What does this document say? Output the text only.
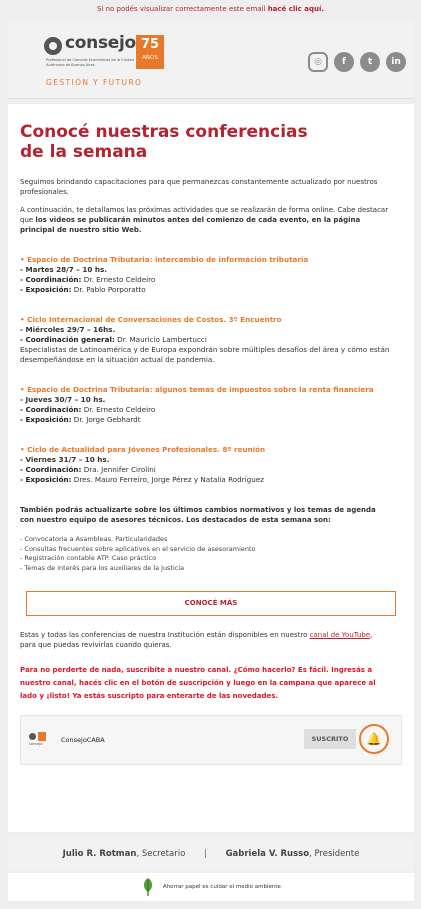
Si no podés visualizar correctamente este email hacé clic aquí.
consejo
Profesional de Ciencias Económicas de la Ciudad Autónoma de Buenos Aires
75
AÑOS
GESTIÓN Y FUTURO
◎	f	t	in
Conocé nuestras conferencias de la semana

Seguimos brindando capacitaciones para que permanezcas constantemente actualizado por nuestros profesionales.

A continuación, te detallamos las próximas actividades que se realizarán de forma online. Cabe destacar que los videos se publicarán minutos antes del comienzo de cada evento, en la página principal de nuestro sitio Web.

• Espacio de Doctrina Tributaria: intercambio de información tributaria
- Martes 28/7 – 10 hs.
- Coordinación: Dr. Ernesto Celdeiro
- Exposición: Dr. Pablo Porporatto
• Ciclo Internacional de Conversaciones de Costos. 3º Encuentro
- Miércoles 29/7 – 16hs.
- Coordinación general: Dr. Mauricio Lambertucci
Especialistas de Latinoamérica y de Europa expondrán sobre múltiples desafíos del área y cómo están desempeñándose en la situación actual de pandemia.
• Espacio de Doctrina Tributaria: algunos temas de impuestos sobre la renta financiera
- Jueves 30/7 – 10 hs.
- Coordinación: Dr. Ernesto Celdeiro
- Exposición: Dr. Jorge Gebhardt
• Ciclo de Actualidad para Jóvenes Profesionales. 8º reunión
- Viernes 31/7 – 10 hs.
- Coordinación: Dra. Jennifer Cirolini
- Exposición: Dres. Mauro Ferreiro, Jorge Pérez y Natalia Rodríguez

También podrás actualizarte sobre los últimos cambios normativos y los temas de agenda con nuestro equipo de asesores técnicos. Los destacados de esta semana son:

- Convocatoria a Asambleas. Particularidades
- Consultas frecuentes sobre aplicativos en el servicio de asesoramiento
- Registración contable ATP. Caso práctico
- Temas de interés para los auxiliares de la justicia
CONOCÉ MÁS

Estas y todas las conferencias de nuestra Institución están disponibles en nuestro canal de YouTube, para que puedas revivirlas cuando quieras.

Para no perderte de nada, suscribite a nuestro canal. ¿Cómo hacerlo? Es fácil. Ingresás a nuestro canal, hacés clic en el botón de suscripción y luego en la campana que aparece al lado y ¡listo! Ya estás suscripto para enterarte de las novedades.

consejo	ConsejoCABA	SUSCRITO	🔔
Julio R. Rotman, Secretario | Gabriela V. Russo, Presidente
Ahorrar papel es cuidar el medio ambiente
